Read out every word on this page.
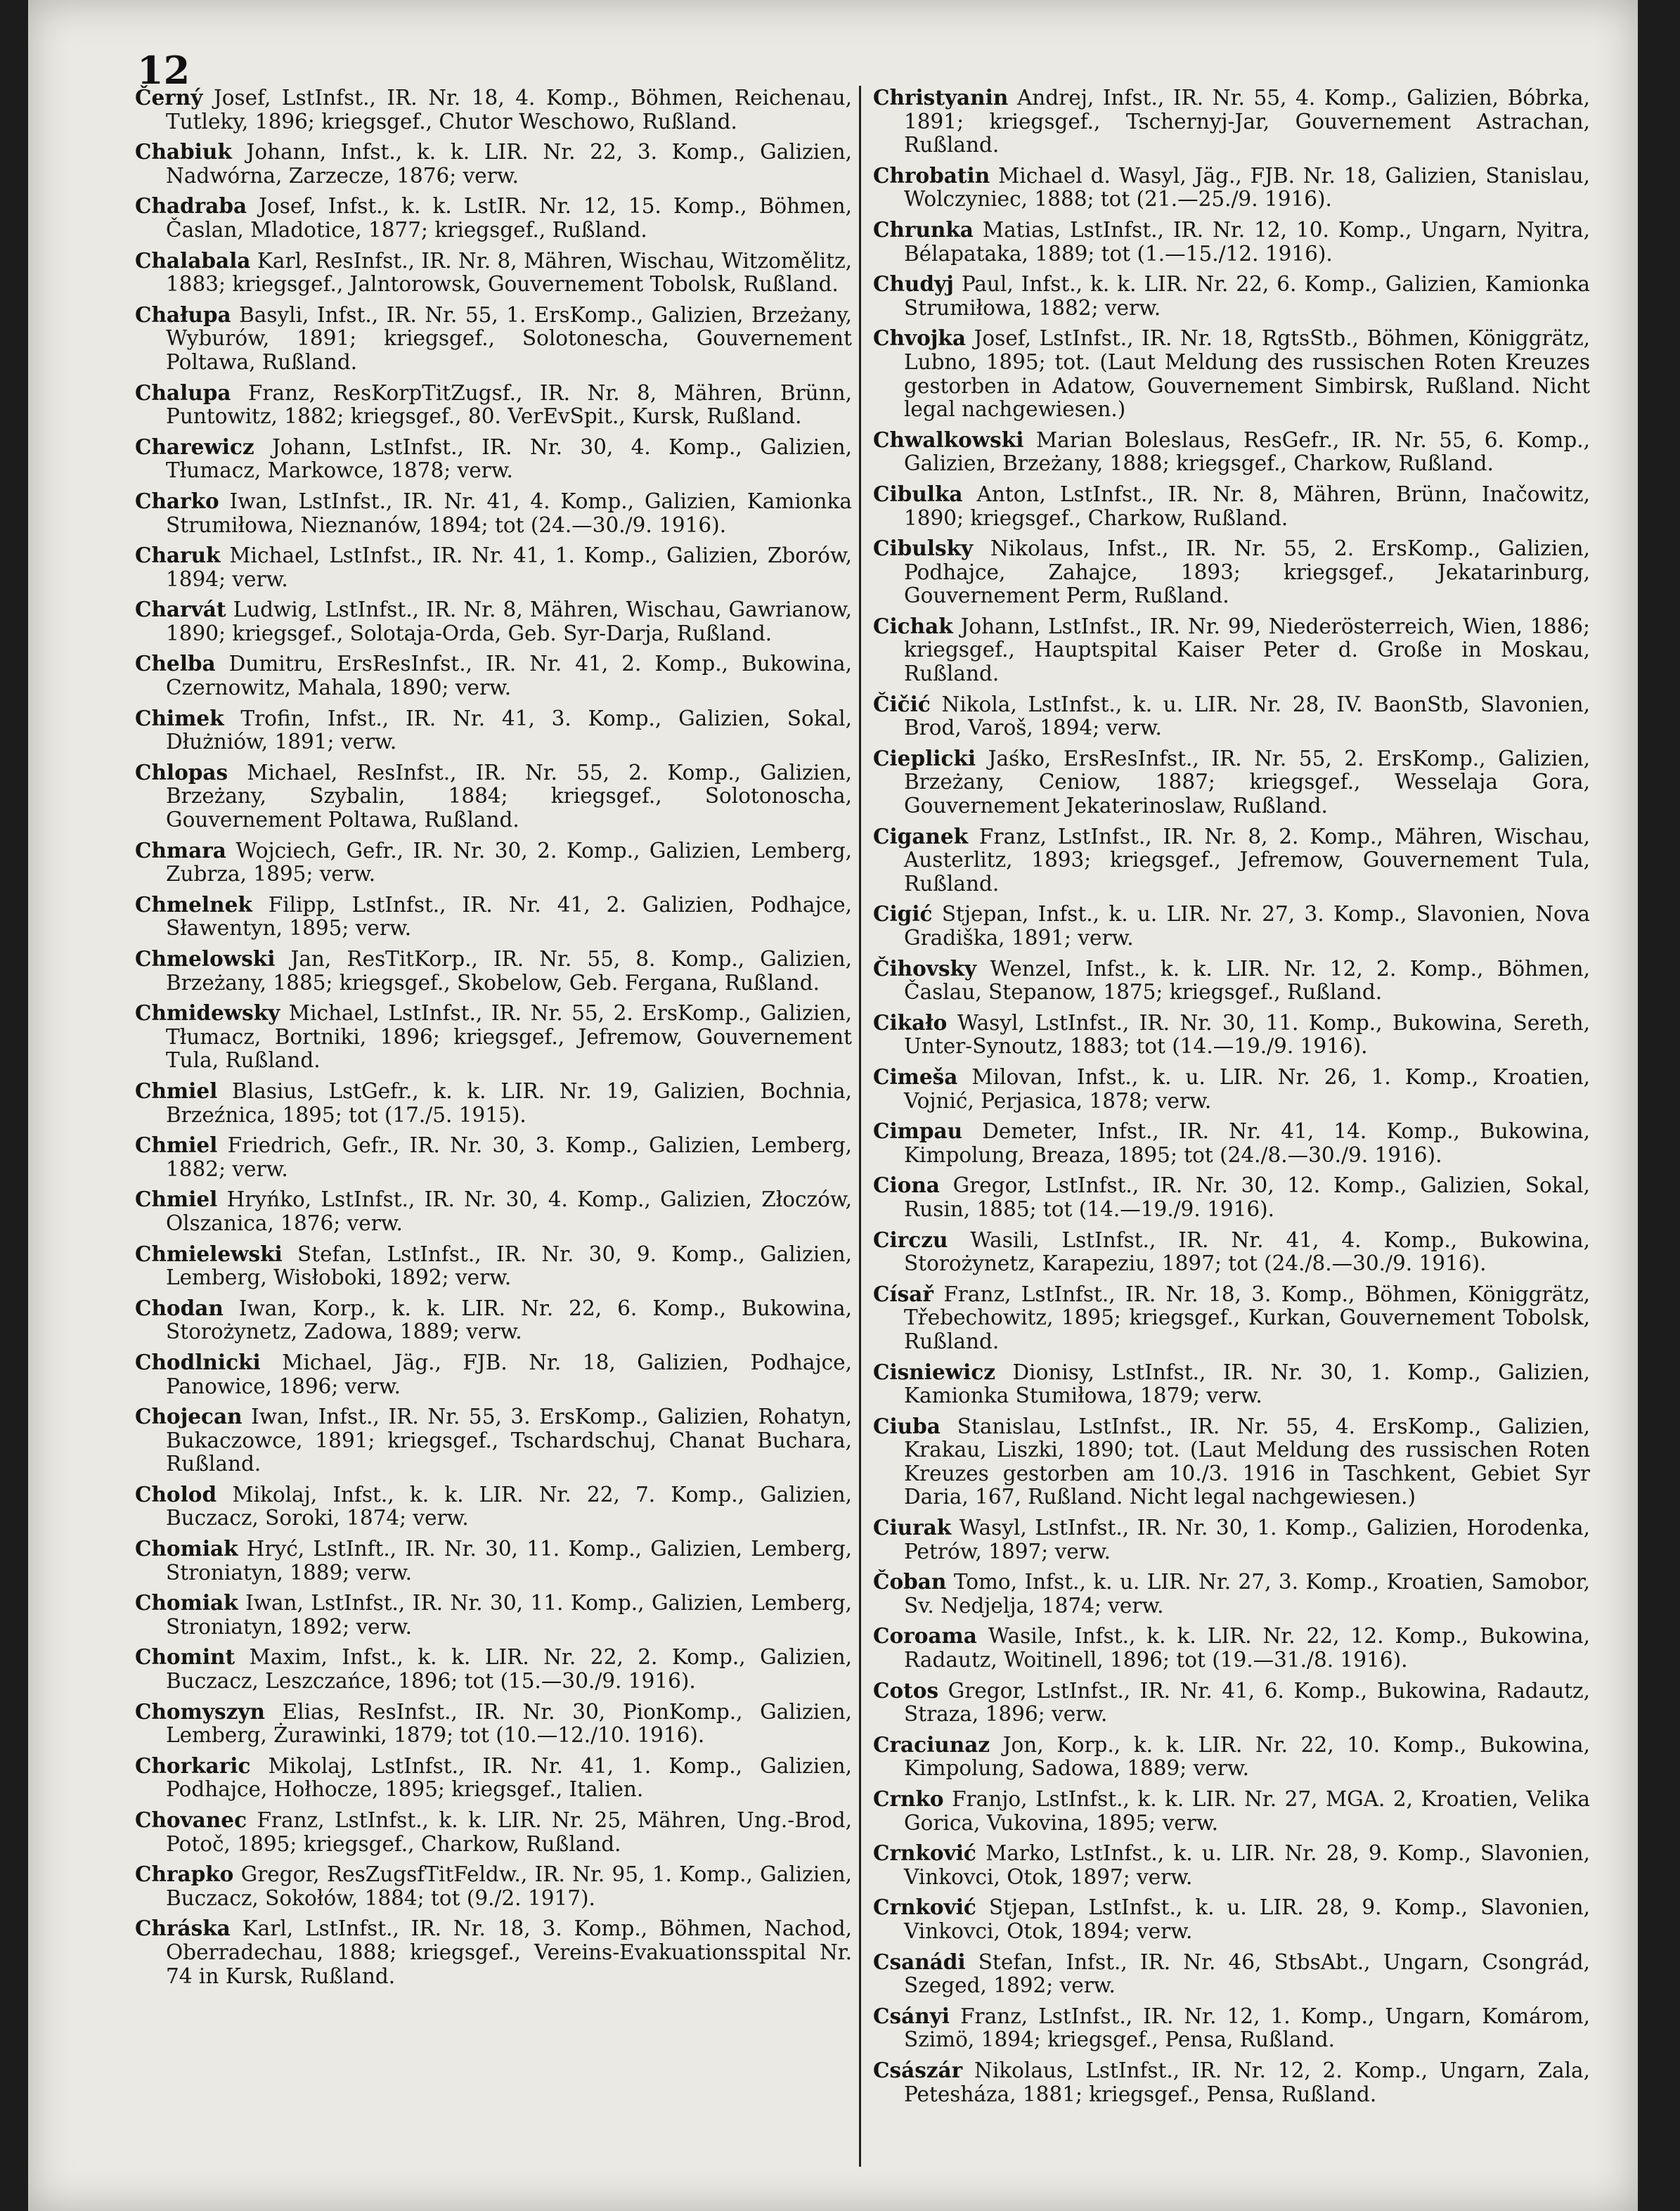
12

Černý Josef, LstInfst., IR. Nr. 18, 4. Komp., Böhmen, Reichenau, Tutleky, 1896; kriegsgef., Chutor Weschowo, Rußland.

Chabiuk Johann, Infst., k. k. LIR. Nr. 22, 3. Komp., Galizien, Nadwórna, Zarzecze, 1876; verw.

Chadraba Josef, Infst., k. k. LstIR. Nr. 12, 15. Komp., Böhmen, Časlan, Mladotice, 1877; kriegsgef., Rußland.

Chalabala Karl, ResInfst., IR. Nr. 8, Mähren, Wischau, Witzomělitz, 1883; kriegsgef., Jalntorowsk, Gouvernement Tobolsk, Rußland.

Chałupa Basyli, Infst., IR. Nr. 55, 1. ErsKomp., Galizien, Brzeżany, Wyburów, 1891; kriegsgef., Solotonescha, Gouvernement Poltawa, Rußland.

Chalupa Franz, ResKorpTitZugsf., IR. Nr. 8, Mähren, Brünn, Puntowitz, 1882; kriegsgef., 80. VerEvSpit., Kursk, Rußland.

Charewicz Johann, LstInfst., IR. Nr. 30, 4. Komp., Galizien, Tłumacz, Markowce, 1878; verw.

Charko Iwan, LstInfst., IR. Nr. 41, 4. Komp., Galizien, Kamionka Strumiłowa, Nieznanów, 1894; tot (24.—30./9. 1916).

Charuk Michael, LstInfst., IR. Nr. 41, 1. Komp., Galizien, Zborów, 1894; verw.

Charvát Ludwig, LstInfst., IR. Nr. 8, Mähren, Wischau, Gawrianow, 1890; kriegsgef., Solotaja-Orda, Geb. Syr-Darja, Rußland.

Chelba Dumitru, ErsResInfst., IR. Nr. 41, 2. Komp., Bukowina, Czernowitz, Mahala, 1890; verw.

Chimek Trofin, Infst., IR. Nr. 41, 3. Komp., Galizien, Sokal, Dłużniów, 1891; verw.

Chlopas Michael, ResInfst., IR. Nr. 55, 2. Komp., Galizien, Brzeżany, Szybalin, 1884; kriegsgef., Solotonoscha, Gouvernement Poltawa, Rußland.

Chmara Wojciech, Gefr., IR. Nr. 30, 2. Komp., Galizien, Lemberg, Zubrza, 1895; verw.

Chmelnek Filipp, LstInfst., IR. Nr. 41, 2. Galizien, Podhajce, Sławentyn, 1895; verw.

Chmelowski Jan, ResTitKorp., IR. Nr. 55, 8. Komp., Galizien, Brzeżany, 1885; kriegsgef., Skobelow, Geb. Fergana, Rußland.

Chmidewsky Michael, LstInfst., IR. Nr. 55, 2. ErsKomp., Galizien, Tłumacz, Bortniki, 1896; kriegsgef., Jefremow, Gouvernement Tula, Rußland.

Chmiel Blasius, LstGefr., k. k. LIR. Nr. 19, Galizien, Bochnia, Brzeźnica, 1895; tot (17./5. 1915).

Chmiel Friedrich, Gefr., IR. Nr. 30, 3. Komp., Galizien, Lemberg, 1882; verw.

Chmiel Hryńko, LstInfst., IR. Nr. 30, 4. Komp., Galizien, Złoczów, Olszanica, 1876; verw.

Chmielewski Stefan, LstInfst., IR. Nr. 30, 9. Komp., Galizien, Lemberg, Wisłoboki, 1892; verw.

Chodan Iwan, Korp., k. k. LIR. Nr. 22, 6. Komp., Bukowina, Storożynetz, Zadowa, 1889; verw.

Chodlnicki Michael, Jäg., FJB. Nr. 18, Galizien, Podhajce, Panowice, 1896; verw.

Chojecan Iwan, Infst., IR. Nr. 55, 3. ErsKomp., Galizien, Rohatyn, Bukaczowce, 1891; kriegsgef., Tschardschuj, Chanat Buchara, Rußland.

Cholod Mikolaj, Infst., k. k. LIR. Nr. 22, 7. Komp., Galizien, Buczacz, Soroki, 1874; verw.

Chomiak Hryć, LstInft., IR. Nr. 30, 11. Komp., Galizien, Lemberg, Stroniatyn, 1889; verw.

Chomiak Iwan, LstInfst., IR. Nr. 30, 11. Komp., Galizien, Lemberg, Stroniatyn, 1892; verw.

Chomint Maxim, Infst., k. k. LIR. Nr. 22, 2. Komp., Galizien, Buczacz, Leszczańce, 1896; tot (15.—30./9. 1916).

Chomyszyn Elias, ResInfst., IR. Nr. 30, PionKomp., Galizien, Lemberg, Żurawinki, 1879; tot (10.—12./10. 1916).

Chorkaric Mikolaj, LstInfst., IR. Nr. 41, 1. Komp., Galizien, Podhajce, Hołhocze, 1895; kriegsgef., Italien.

Chovanec Franz, LstInfst., k. k. LIR. Nr. 25, Mähren, Ung.-Brod, Potoč, 1895; kriegsgef., Charkow, Rußland.

Chrapko Gregor, ResZugsfTitFeldw., IR. Nr. 95, 1. Komp., Galizien, Buczacz, Sokołów, 1884; tot (9./2. 1917).

Chráska Karl, LstInfst., IR. Nr. 18, 3. Komp., Böhmen, Nachod, Oberradechau, 1888; kriegsgef., Vereins-Evakuationsspital Nr. 74 in Kursk, Rußland.

Christyanin Andrej, Infst., IR. Nr. 55, 4. Komp., Galizien, Bóbrka, 1891; kriegsgef., Tschernyj-Jar, Gouvernement Astrachan, Rußland.

Chrobatin Michael d. Wasyl, Jäg., FJB. Nr. 18, Galizien, Stanislau, Wolczyniec, 1888; tot (21.—25./9. 1916).

Chrunka Matias, LstInfst., IR. Nr. 12, 10. Komp., Ungarn, Nyitra, Bélapataka, 1889; tot (1.—15./12. 1916).

Chudyj Paul, Infst., k. k. LIR. Nr. 22, 6. Komp., Galizien, Kamionka Strumiłowa, 1882; verw.

Chvojka Josef, LstInfst., IR. Nr. 18, RgtsStb., Böhmen, Königgrätz, Lubno, 1895; tot. (Laut Meldung des russischen Roten Kreuzes gestorben in Adatow, Gouvernement Simbirsk, Rußland. Nicht legal nachgewiesen.)

Chwalkowski Marian Boleslaus, ResGefr., IR. Nr. 55, 6. Komp., Galizien, Brzeżany, 1888; kriegsgef., Charkow, Rußland.

Cibulka Anton, LstInfst., IR. Nr. 8, Mähren, Brünn, Inačowitz, 1890; kriegsgef., Charkow, Rußland.

Cibulsky Nikolaus, Infst., IR. Nr. 55, 2. ErsKomp., Galizien, Podhajce, Zahajce, 1893; kriegsgef., Jekatarinburg, Gouvernement Perm, Rußland.

Cichak Johann, LstInfst., IR. Nr. 99, Niederösterreich, Wien, 1886; kriegsgef., Hauptspital Kaiser Peter d. Große in Moskau, Rußland.

Čičić Nikola, LstInfst., k. u. LIR. Nr. 28, IV. BaonStb, Slavonien, Brod, Varoš, 1894; verw.

Cieplicki Jaśko, ErsResInfst., IR. Nr. 55, 2. ErsKomp., Galizien, Brzeżany, Ceniow, 1887; kriegsgef., Wesselaja Gora, Gouvernement Jekaterinoslaw, Rußland.

Ciganek Franz, LstInfst., IR. Nr. 8, 2. Komp., Mähren, Wischau, Austerlitz, 1893; kriegsgef., Jefremow, Gouvernement Tula, Rußland.

Cigić Stjepan, Infst., k. u. LIR. Nr. 27, 3. Komp., Slavonien, Nova Gradiška, 1891; verw.

Čihovsky Wenzel, Infst., k. k. LIR. Nr. 12, 2. Komp., Böhmen, Časlau, Stepanow, 1875; kriegsgef., Rußland.

Cikało Wasyl, LstInfst., IR. Nr. 30, 11. Komp., Bukowina, Sereth, Unter-Synoutz, 1883; tot (14.—19./9. 1916).

Cimeša Milovan, Infst., k. u. LIR. Nr. 26, 1. Komp., Kroatien, Vojnić, Perjasica, 1878; verw.

Cimpau Demeter, Infst., IR. Nr. 41, 14. Komp., Bukowina, Kimpolung, Breaza, 1895; tot (24./8.—30./9. 1916).

Ciona Gregor, LstInfst., IR. Nr. 30, 12. Komp., Galizien, Sokal, Rusin, 1885; tot (14.—19./9. 1916).

Circzu Wasili, LstInfst., IR. Nr. 41, 4. Komp., Bukowina, Storożynetz, Karapeziu, 1897; tot (24./8.—30./9. 1916).

Císař Franz, LstInfst., IR. Nr. 18, 3. Komp., Böhmen, Königgrätz, Třebechowitz, 1895; kriegsgef., Kurkan, Gouvernement Tobolsk, Rußland.

Cisniewicz Dionisy, LstInfst., IR. Nr. 30, 1. Komp., Galizien, Kamionka Stumiłowa, 1879; verw.

Ciuba Stanislau, LstInfst., IR. Nr. 55, 4. ErsKomp., Galizien, Krakau, Liszki, 1890; tot. (Laut Meldung des russischen Roten Kreuzes gestorben am 10./3. 1916 in Taschkent, Gebiet Syr Daria, 167, Rußland. Nicht legal nachgewiesen.)

Ciurak Wasyl, LstInfst., IR. Nr. 30, 1. Komp., Galizien, Horodenka, Petrów, 1897; verw.

Čoban Tomo, Infst., k. u. LIR. Nr. 27, 3. Komp., Kroatien, Samobor, Sv. Nedjelja, 1874; verw.

Coroama Wasile, Infst., k. k. LIR. Nr. 22, 12. Komp., Bukowina, Radautz, Woitinell, 1896; tot (19.—31./8. 1916).

Cotos Gregor, LstInfst., IR. Nr. 41, 6. Komp., Bukowina, Radautz, Straza, 1896; verw.

Craciunaz Jon, Korp., k. k. LIR. Nr. 22, 10. Komp., Bukowina, Kimpolung, Sadowa, 1889; verw.

Crnko Franjo, LstInfst., k. k. LIR. Nr. 27, MGA. 2, Kroatien, Velika Gorica, Vukovina, 1895; verw.

Crnković Marko, LstInfst., k. u. LIR. Nr. 28, 9. Komp., Slavonien, Vinkovci, Otok, 1897; verw.

Crnković Stjepan, LstInfst., k. u. LIR. 28, 9. Komp., Slavonien, Vinkovci, Otok, 1894; verw.

Csanádi Stefan, Infst., IR. Nr. 46, StbsAbt., Ungarn, Csongrád, Szeged, 1892; verw.

Csányi Franz, LstInfst., IR. Nr. 12, 1. Komp., Ungarn, Komárom, Szimö, 1894; kriegsgef., Pensa, Rußland.

Császár Nikolaus, LstInfst., IR. Nr. 12, 2. Komp., Ungarn, Zala, Petesháza, 1881; kriegsgef., Pensa, Rußland.
